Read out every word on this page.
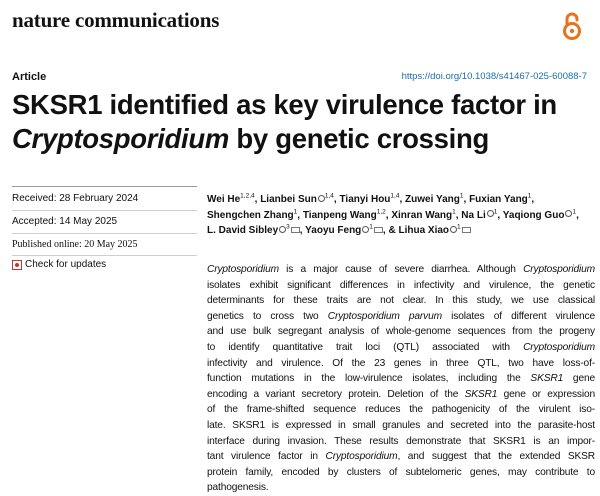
nature communications
Article	https://doi.org/10.1038/s41467-025-60088-7
SKSR1 identified as key virulence factor in
Cryptosporidium by genetic crossing
Received: 28 February 2024
Accepted: 14 May 2025
Published online: 20 May 2025
Check for updates
Wei He$^{1,2,4}$, Lianbei Sun $^{1,4}$, Tianyi Hou$^{1,4}$, Zuwei Yang$^1$, Fuxian Yang$^1$, Shengchen Zhang$^1$, Tianpeng Wang$^{1,2}$, Xinran Wang$^1$, Na Li $^1$, Yaqiong Guo $^1$, L. David Sibley $^3$ , Yaoyu Feng $^1$ , & Lihua Xiao $^1$
Cryptosporidium is a major cause of severe diarrhea. Although Cryptosporidium
isolates exhibit significant differences in infectivity and virulence, the genetic
determinants for these traits are not clear. In this study, we use classical
genetics to cross two Cryptosporidium parvum isolates of different virulence
and use bulk segregant analysis of whole-genome sequences from the progeny
to identify quantitative trait loci (QTL) associated with Cryptosporidium
infectivity and virulence. Of the 23 genes in three QTL, two have loss-of-
function mutations in the low-virulence isolates, including the SKSR1 gene
encoding a variant secretory protein. Deletion of the SKSR1 gene or expression
of the frame-shifted sequence reduces the pathogenicity of the virulent iso-
late. SKSR1 is expressed in small granules and secreted into the parasite-host
interface during invasion. These results demonstrate that SKSR1 is an impor-
tant virulence factor in Cryptosporidium, and suggest that the extended SKSR
protein family, encoded by clusters of subtelomeric genes, may contribute to
pathogenesis.
